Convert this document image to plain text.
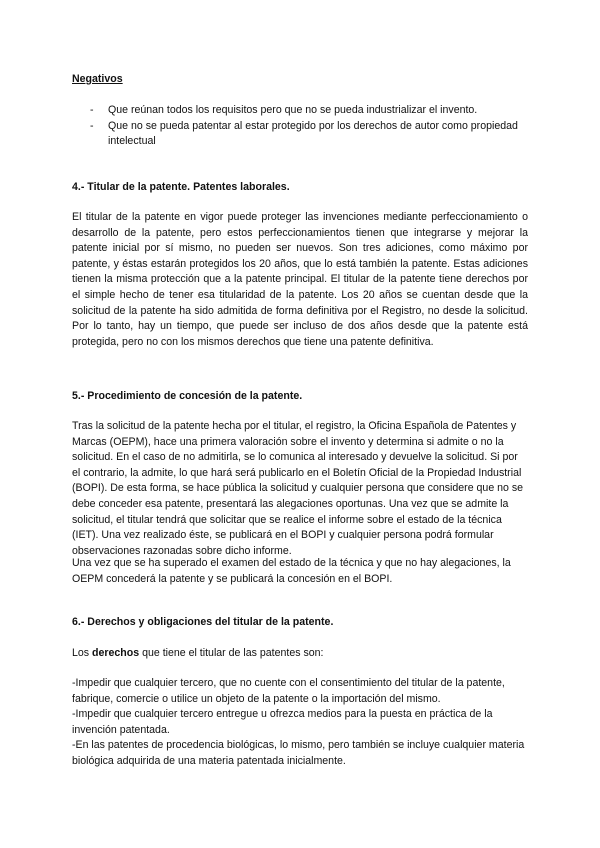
Negativos
- Que reúnan todos los requisitos pero que no se pueda industrializar el invento.
- Que no se pueda patentar al estar protegido por los derechos de autor como propiedad intelectual
4.- Titular de la patente. Patentes laborales.

El titular de la patente en vigor puede proteger las invenciones mediante perfeccionamiento o desarrollo de la patente, pero estos perfeccionamientos tienen que integrarse y mejorar la patente inicial por sí mismo, no pueden ser nuevos. Son tres adiciones, como máximo por patente, y éstas estarán protegidos los 20 años, que lo está también la patente. Estas adiciones tienen la misma protección que a la patente principal. El titular de la patente tiene derechos por el simple hecho de tener esa titularidad de la patente. Los 20 años se cuentan desde que la solicitud de la patente ha sido admitida de forma definitiva por el Registro, no desde la solicitud. Por lo tanto, hay un tiempo, que puede ser incluso de dos años desde que la patente está protegida, pero no con los mismos derechos que tiene una patente definitiva.

5.- Procedimiento de concesión de la patente.

Tras la solicitud de la patente hecha por el titular, el registro, la Oficina Española de Patentes y Marcas (OEPM), hace una primera valoración sobre el invento y determina si admite o no la solicitud. En el caso de no admitirla, se lo comunica al interesado y devuelve la solicitud. Si por el contrario, la admite, lo que hará será publicarlo en el Boletín Oficial de la Propiedad Industrial (BOPI). De esta forma, se hace pública la solicitud y cualquier persona que considere que no se debe conceder esa patente, presentará las alegaciones oportunas. Una vez que se admite la solicitud, el titular tendrá que solicitar que se realice el informe sobre el estado de la técnica (IET). Una vez realizado éste, se publicará en el BOPI y cualquier persona podrá formular observaciones razonadas sobre dicho informe.

Una vez que se ha superado el examen del estado de la técnica y que no hay alegaciones, la OEPM concederá la patente y se publicará la concesión en el BOPI.

6.- Derechos y obligaciones del titular de la patente.

Los derechos que tiene el titular de las patentes son:

-Impedir que cualquier tercero, que no cuente con el consentimiento del titular de la patente, fabrique, comercie o utilice un objeto de la patente o la importación del mismo.

-Impedir que cualquier tercero entregue u ofrezca medios para la puesta en práctica de la invención patentada.

-En las patentes de procedencia biológicas, lo mismo, pero también se incluye cualquier materia biológica adquirida de una materia patentada inicialmente.
